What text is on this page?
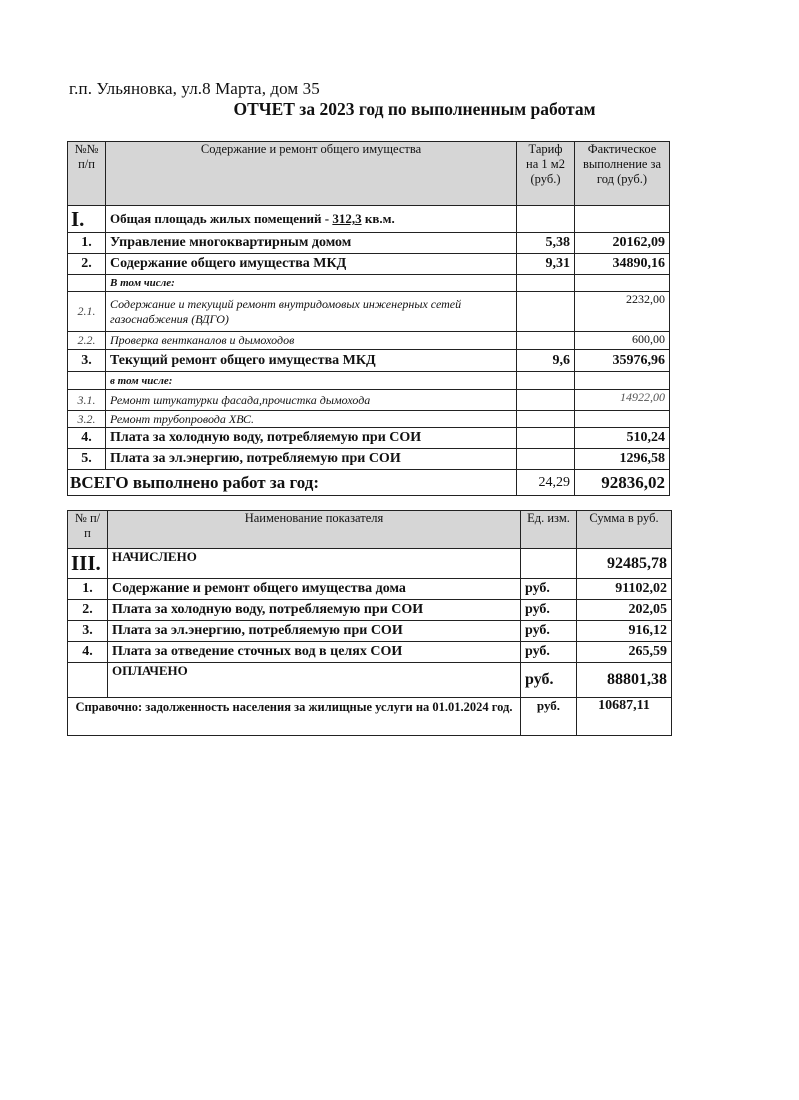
г.п. Ульяновка, ул.8 Марта, дом 35
ОТЧЕТ за 2023 год по выполненным работам
№№ п/п	Содержание и ремонт общего имущества	Тариф на 1 м2 (руб.)	Фактическое выполнение за год (руб.)
I.	Общая площадь жилых помещений - 312,3 кв.м.		
1.	Управление многоквартирным домом	5,38	20162,09
2.	Содержание общего имущества МКД	9,31	34890,16
	В том числе:		
2.1.	Содержание и текущий ремонт внутридомовых инженерных сетей газоснабжения (ВДГО)		2232,00
2.2.	Проверка вентканалов и дымоходов		600,00
3.	Текущий ремонт общего имущества МКД	9,6	35976,96
	в том числе:		
3.1.	Ремонт штукатурки фасада,прочистка дымохода		14922,00
3.2.	Ремонт трубопровода ХВС.		
4.	Плата за холодную воду, потребляемую при СОИ		510,24
5.	Плата за эл.энергию, потребляемую при СОИ		1296,58
ВСЕГО выполнено работ за год:		24,29	92836,02
№ п/п	Наименование показателя	Ед. изм.	Сумма в руб.
III.	НАЧИСЛЕНО		92485,78
1.	Содержание и ремонт общего имущества дома	руб.	91102,02
2.	Плата за холодную воду, потребляемую при СОИ	руб.	202,05
3.	Плата за эл.энергию, потребляемую при СОИ	руб.	916,12
4.	Плата за отведение сточных вод в целях СОИ	руб.	265,59
	ОПЛАЧЕНО	руб.	88801,38
Справочно: задолженность населения за жилищные услуги на 01.01.2024 год.		руб.	10687,11
